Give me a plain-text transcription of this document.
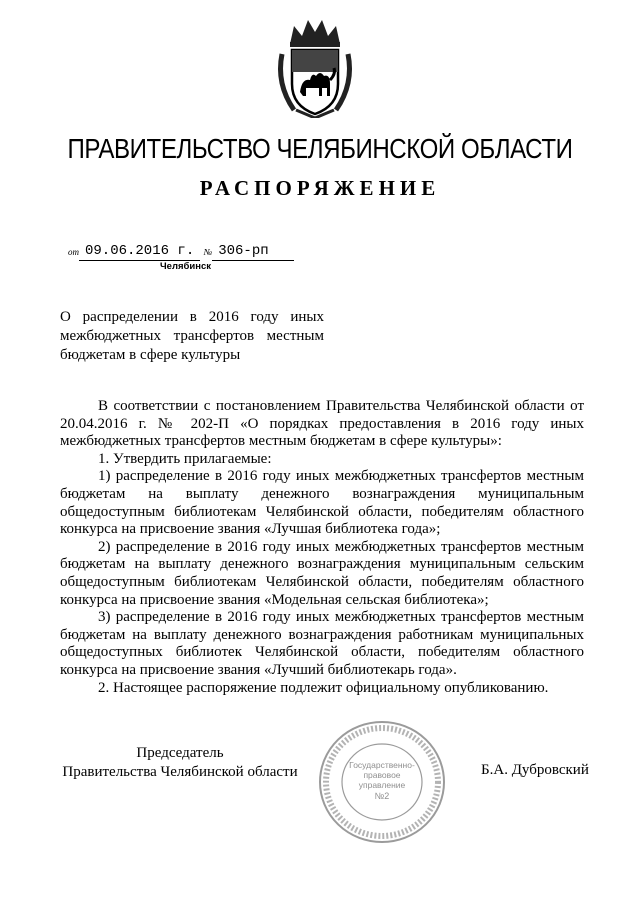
ПРАВИТЕЛЬСТВО ЧЕЛЯБИНСКОЙ ОБЛАСТИ
РАСПОРЯЖЕНИЕ
от 09.06.2016 г. № 306-рп
Челябинск
О распределении в 2016 году иных
межбюджетных трансфертов местным
бюджетам в сфере культуры
В соответствии с постановлением Правительства Челябинской области от 20.04.2016 г. № 202-П «О порядках предоставления в 2016 году иных межбюджетных трансфертов местным бюджетам в сфере культуры»:
1. Утвердить прилагаемые:
1) распределение в 2016 году иных межбюджетных трансфертов местным бюджетам на выплату денежного вознаграждения муниципальным общедоступным библиотекам Челябинской области, победителям областного конкурса на присвоение звания «Лучшая библиотека года»;
2) распределение в 2016 году иных межбюджетных трансфертов местным бюджетам на выплату денежного вознаграждения муниципальным сельским общедоступным библиотекам Челябинской области, победителям областного конкурса на присвоение звания «Модельная сельская библиотека»;
3) распределение в 2016 году иных межбюджетных трансфертов местным бюджетам на выплату денежного вознаграждения работникам муниципальных общедоступных библиотек Челябинской области, победителям областного конкурса на присвоение звания «Лучший библиотекарь года».
2. Настоящее распоряжение подлежит официальному опубликованию.
Председатель
Правительства Челябинской области	Государственно-
правовое
управление
№2
Б.А. Дубровский
